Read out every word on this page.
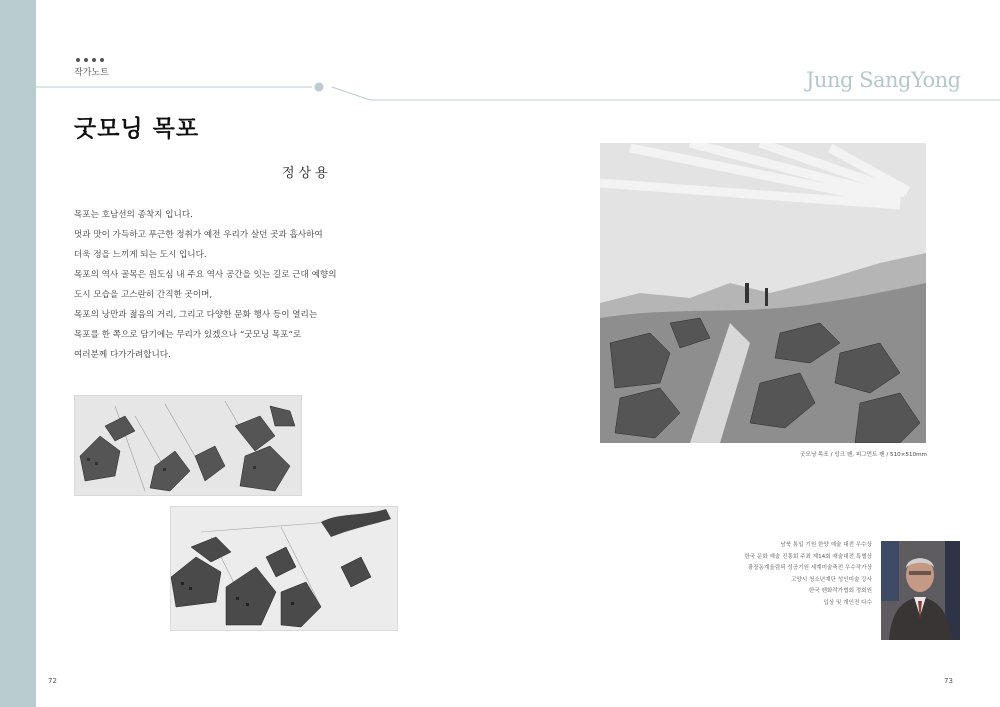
작가노트	Jung SangYong
굿모닝 목포
정상용

목포는 호남선의 종착지 입니다.

멋과 맛이 가득하고 푸근한 정취가 예전 우리가 살던 곳과 흡사하여

더욱 정을 느끼게 되는 도시 입니다.

목포의 역사 골목은 원도심 내 주요 역사 공간을 잇는 길로 근대 예향의

도시 모습을 고스란히 간직한 곳이며,

목포의 낭만과 젊음의 거리, 그리고 다양한 문화 행사 등이 열리는

목포를 한 쪽으로 담기에는 무리가 있겠으나 “굿모닝 목포”로

여러분께 다가가려합니다.

굿모닝 목포 / 잉크 펜, 피그먼트 펜 / 510×510mm
남북 통일 기원 한양 예술 대전 우수상
한국 문화 예술 진흥회 주최 제14회 예술대전 특별상
광장동계올림픽 성공기원 세계미술축전 우수작가상
고양시 청소년재단 성인미술 강사
한국 펜화작가협회 정회원
입상 및 개인전 다수
72	73
